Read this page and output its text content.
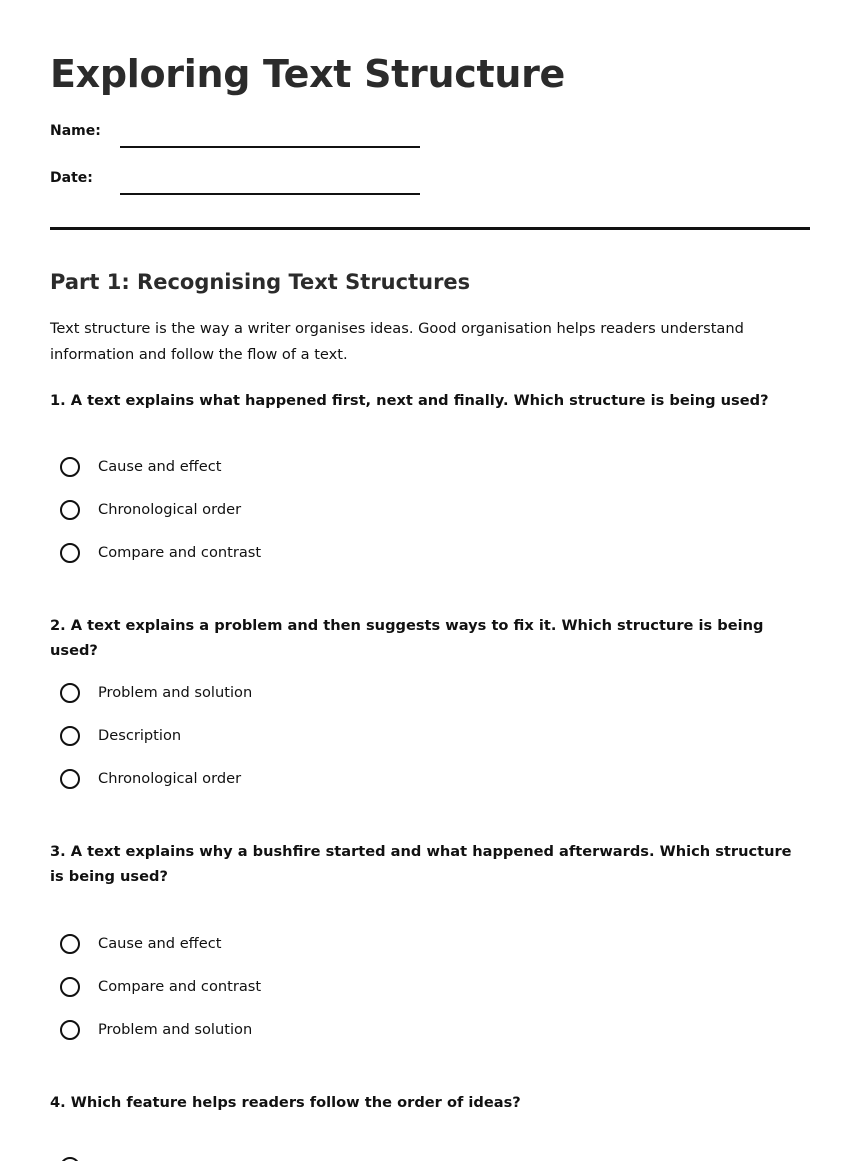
Exploring Text Structure
Name:
Date:
Part 1: Recognising Text Structures

Text structure is the way a writer organises ideas. Good organisation helps readers understand information and follow the flow of a text.

1. A text explains what happened first, next and finally. Which structure is being used?

Cause and effect
Chronological order
Compare and contrast

2. A text explains a problem and then suggests ways to fix it. Which structure is being used?

Problem and solution
Description
Chronological order

3. A text explains why a bushfire started and what happened afterwards. Which structure is being used?

Cause and effect
Compare and contrast
Problem and solution

4. Which feature helps readers follow the order of ideas?
